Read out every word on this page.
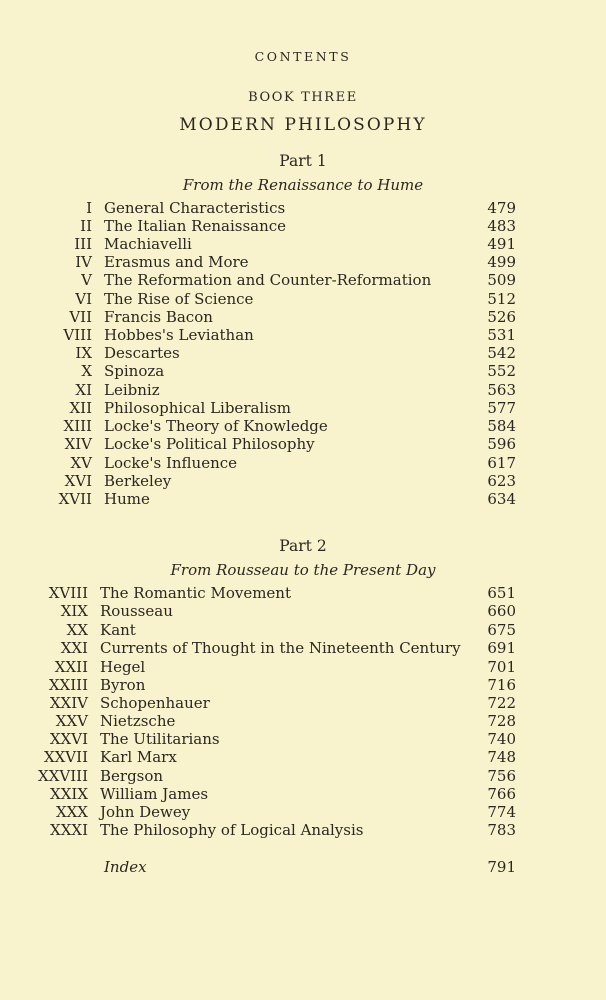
CONTENTS
BOOK THREE
MODERN PHILOSOPHY
Part 1
From the Renaissance to Hume
I General Characteristics	479
II The Italian Renaissance	483
III Machiavelli	491
IV Erasmus and More	499
V The Reformation and Counter-Reformation	509
VI The Rise of Science	512
VII Francis Bacon	526
VIII Hobbes's Leviathan	531
IX Descartes	542
X Spinoza	552
XI Leibniz	563
XII Philosophical Liberalism	577
XIII Locke's Theory of Knowledge	584
XIV Locke's Political Philosophy	596
XV Locke's Influence	617
XVI Berkeley	623
XVII Hume	634
Part 2
From Rousseau to the Present Day
XVIII The Romantic Movement	651
XIX Rousseau	660
XX Kant	675
XXI Currents of Thought in the Nineteenth Century 691
XXII Hegel	701
XXIII Byron	716
XXIV Schopenhauer	722
XXV Nietzsche	728
XXVI The Utilitarians	740
XXVII Karl Marx	748
XXVIII Bergson	756
XXIX William James	766
XXX John Dewey	774
XXXI The Philosophy of Logical Analysis	783
Index	791
